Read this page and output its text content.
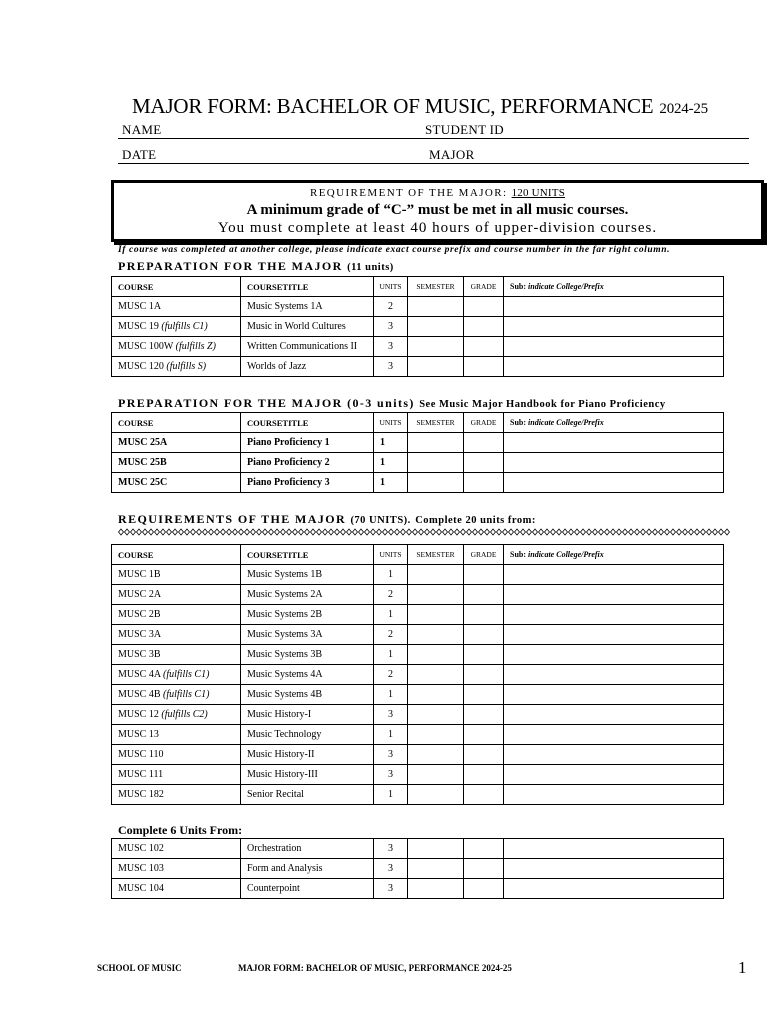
MAJOR FORM: BACHELOR OF MUSIC, PERFORMANCE 2024-25
NAME	STUDENT ID
DATE	MAJOR
REQUIREMENT OF THE MAJOR: 120 UNITS
A minimum grade of “C-” must be met in all music courses.
You must complete at least 40 hours of upper-division courses.
If course was completed at another college, please indicate exact course prefix and course number in the far right column.
PREPARATION FOR THE MAJOR (11 units)
COURSE	COURSETITLE	UNITS	SEMESTER	GRADE	Sub: indicate College/Prefix
MUSC 1A	Music Systems 1A	2			
MUSC 19 (fulfills C1)	Music in World Cultures	3			
MUSC 100W (fulfills Z)	Written Communications II	3			
MUSC 120 (fulfills S)	Worlds of Jazz	3			
PREPARATION FOR THE MAJOR (0-3 units) See Music Major Handbook for Piano Proficiency
COURSE	COURSETITLE	UNITS	SEMESTER	GRADE	Sub: indicate College/Prefix
MUSC 25A	Piano Proficiency 1	1			
MUSC 25B	Piano Proficiency 2	1			
MUSC 25C	Piano Proficiency 3	1			
REQUIREMENTS OF THE MAJOR (70 UNITS). Complete 20 units from:
COURSE	COURSETITLE	UNITS	SEMESTER	GRADE	Sub: indicate College/Prefix
MUSC 1B	Music Systems 1B	1			
MUSC 2A	Music Systems 2A	2			
MUSC 2B	Music Systems 2B	1			
MUSC 3A	Music Systems 3A	2			
MUSC 3B	Music Systems 3B	1			
MUSC 4A (fulfills C1)	Music Systems 4A	2			
MUSC 4B (fulfills C1)	Music Systems 4B	1			
MUSC 12 (fulfills C2)	Music History-I	3			
MUSC 13	Music Technology	1			
MUSC 110	Music History-II	3			
MUSC 111	Music History-III	3			
MUSC 182	Senior Recital	1			
Complete 6 Units From:
MUSC 102	Orchestration	3			
MUSC 103	Form and Analysis	3			
MUSC 104	Counterpoint	3			
SCHOOL OF MUSIC	MAJOR FORM: BACHELOR OF MUSIC, PERFORMANCE 2024-25	1
